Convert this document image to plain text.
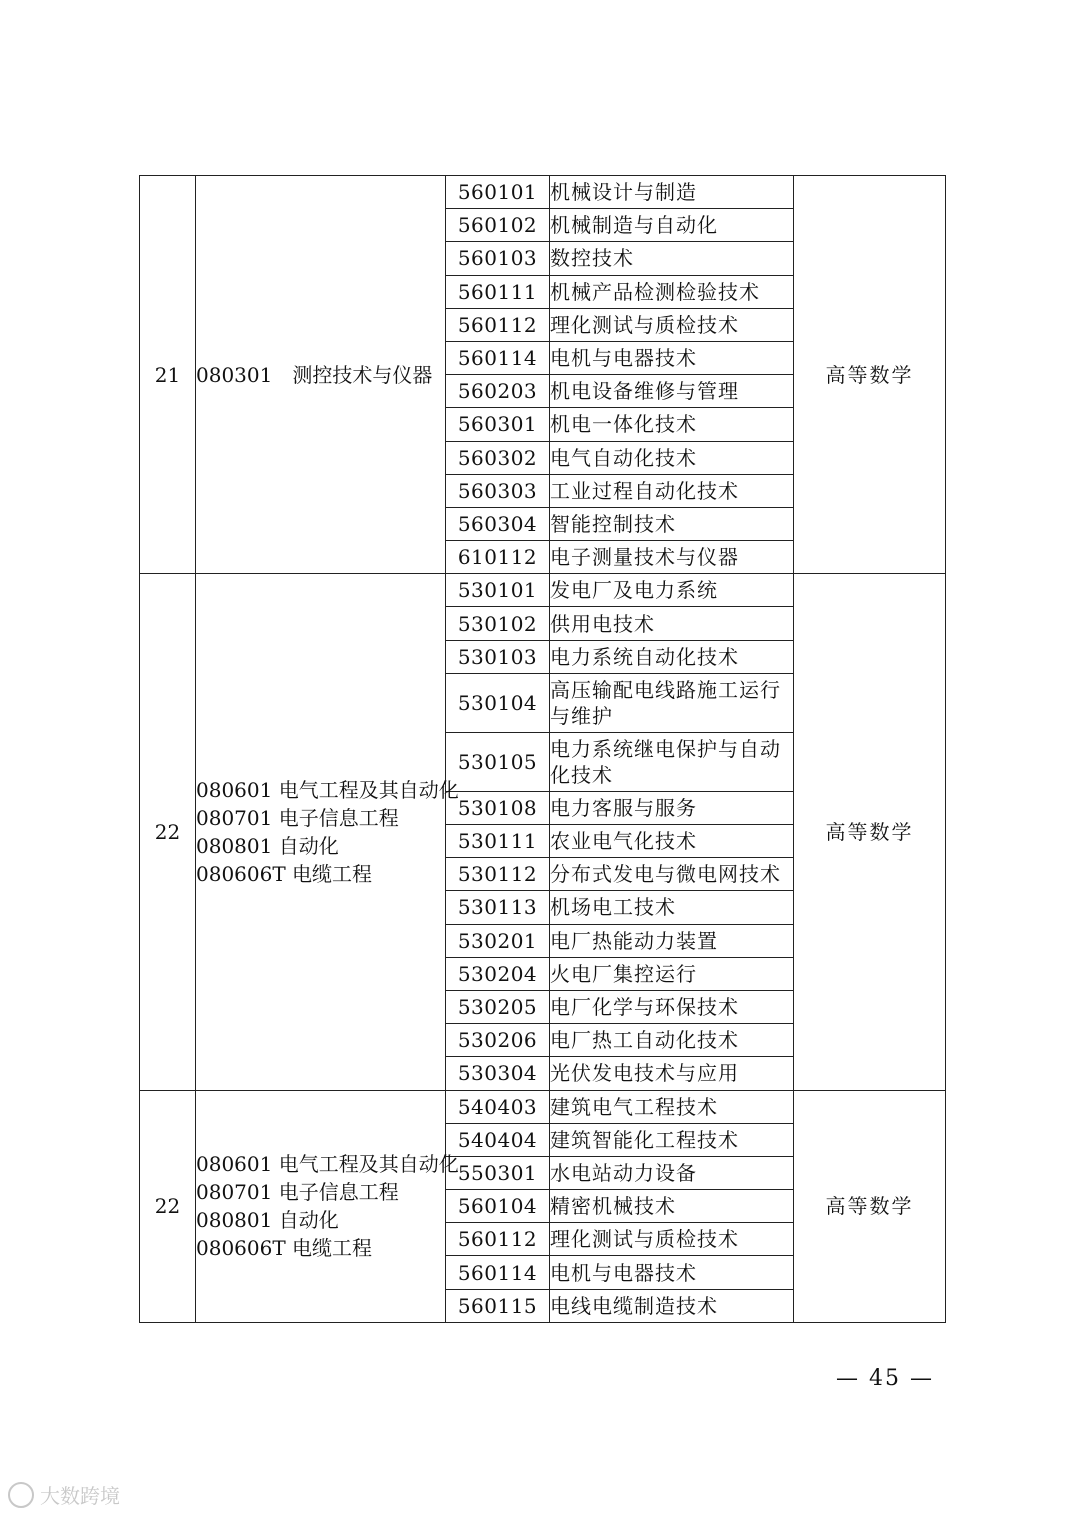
21	080301　测控技术与仪器	560101	机械设计与制造	高等数学
		560102	机械制造与自动化	
		560103	数控技术	
		560111	机械产品检测检验技术	
		560112	理化测试与质检技术	
		560114	电机与电器技术	
		560203	机电设备维修与管理	
		560301	机电一体化技术	
		560302	电气自动化技术	
		560303	工业过程自动化技术	
		560304	智能控制技术	
		610112	电子测量技术与仪器	
22	080601 电气工程及其自动化
080701 电子信息工程
080801 自动化
080606T 电缆工程	530101	发电厂及电力系统	高等数学
		530102	供用电技术	
		530103	电力系统自动化技术	
		530104	高压输配电线路施工运行与维护	
		530105	电力系统继电保护与自动化技术	
		530108	电力客服与服务	
		530111	农业电气化技术	
		530112	分布式发电与微电网技术	
		530113	机场电工技术	
		530201	电厂热能动力装置	
		530204	火电厂集控运行	
		530205	电厂化学与环保技术	
		530206	电厂热工自动化技术	
		530304	光伏发电技术与应用	
22	080601 电气工程及其自动化
080701 电子信息工程
080801 自动化
080606T 电缆工程	540403	建筑电气工程技术	高等数学
		540404	建筑智能化工程技术	
		550301	水电站动力设备	
		560104	精密机械技术	
		560112	理化测试与质检技术	
		560114	电机与电器技术	
		560115	电线电缆制造技术	
— 45 —
大数跨境
